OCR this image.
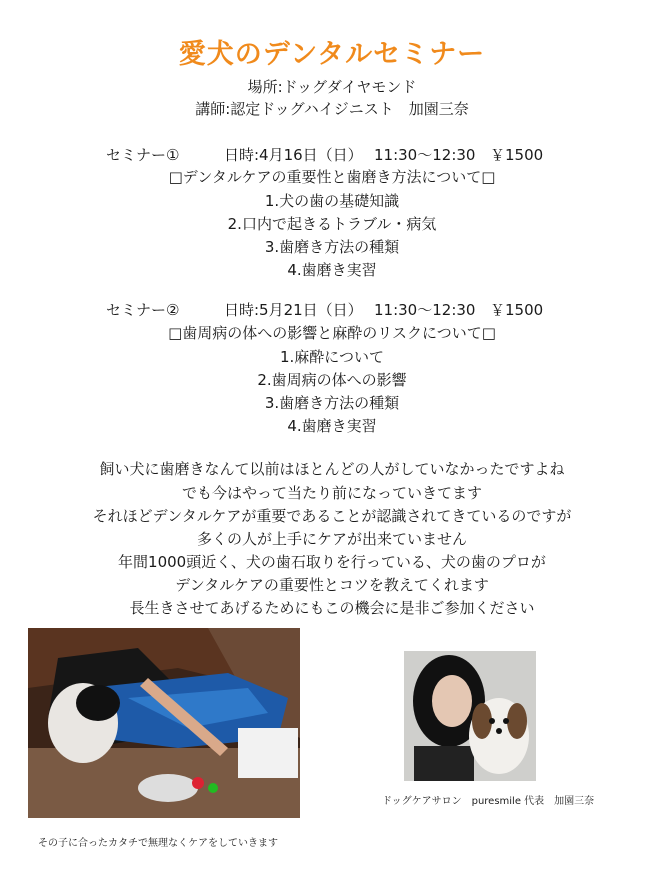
愛犬のデンタルセミナー
場所:ドッグダイヤモンド
講師:認定ドッグハイジニスト　加園三奈
セミナー①	日時:4月16日（日） 11:30〜12:30 ￥1500
□デンタルケアの重要性と歯磨き方法について□
1.犬の歯の基礎知識
2.口内で起きるトラブル・病気
3.歯磨き方法の種類
4.歯磨き実習
セミナー②	日時:5月21日（日） 11:30〜12:30 ￥1500
□歯周病の体への影響と麻酔のリスクについて□
1.麻酔について
2.歯周病の体への影響
3.歯磨き方法の種類
4.歯磨き実習
飼い犬に歯磨きなんて以前はほとんどの人がしていなかったですよね
でも今はやって当たり前になっていきてます
それほどデンタルケアが重要であることが認識されてきているのですが
多くの人が上手にケアが出来ていません
年間1000頭近く、犬の歯石取りを行っている、犬の歯のプロが
デンタルケアの重要性とコツを教えてくれます
長生きさせてあげるためにもこの機会に是非ご参加ください
その子に合ったカタチで無理なくケアをしていきます
ドッグケアサロン　puresmile 代表　加園三奈
